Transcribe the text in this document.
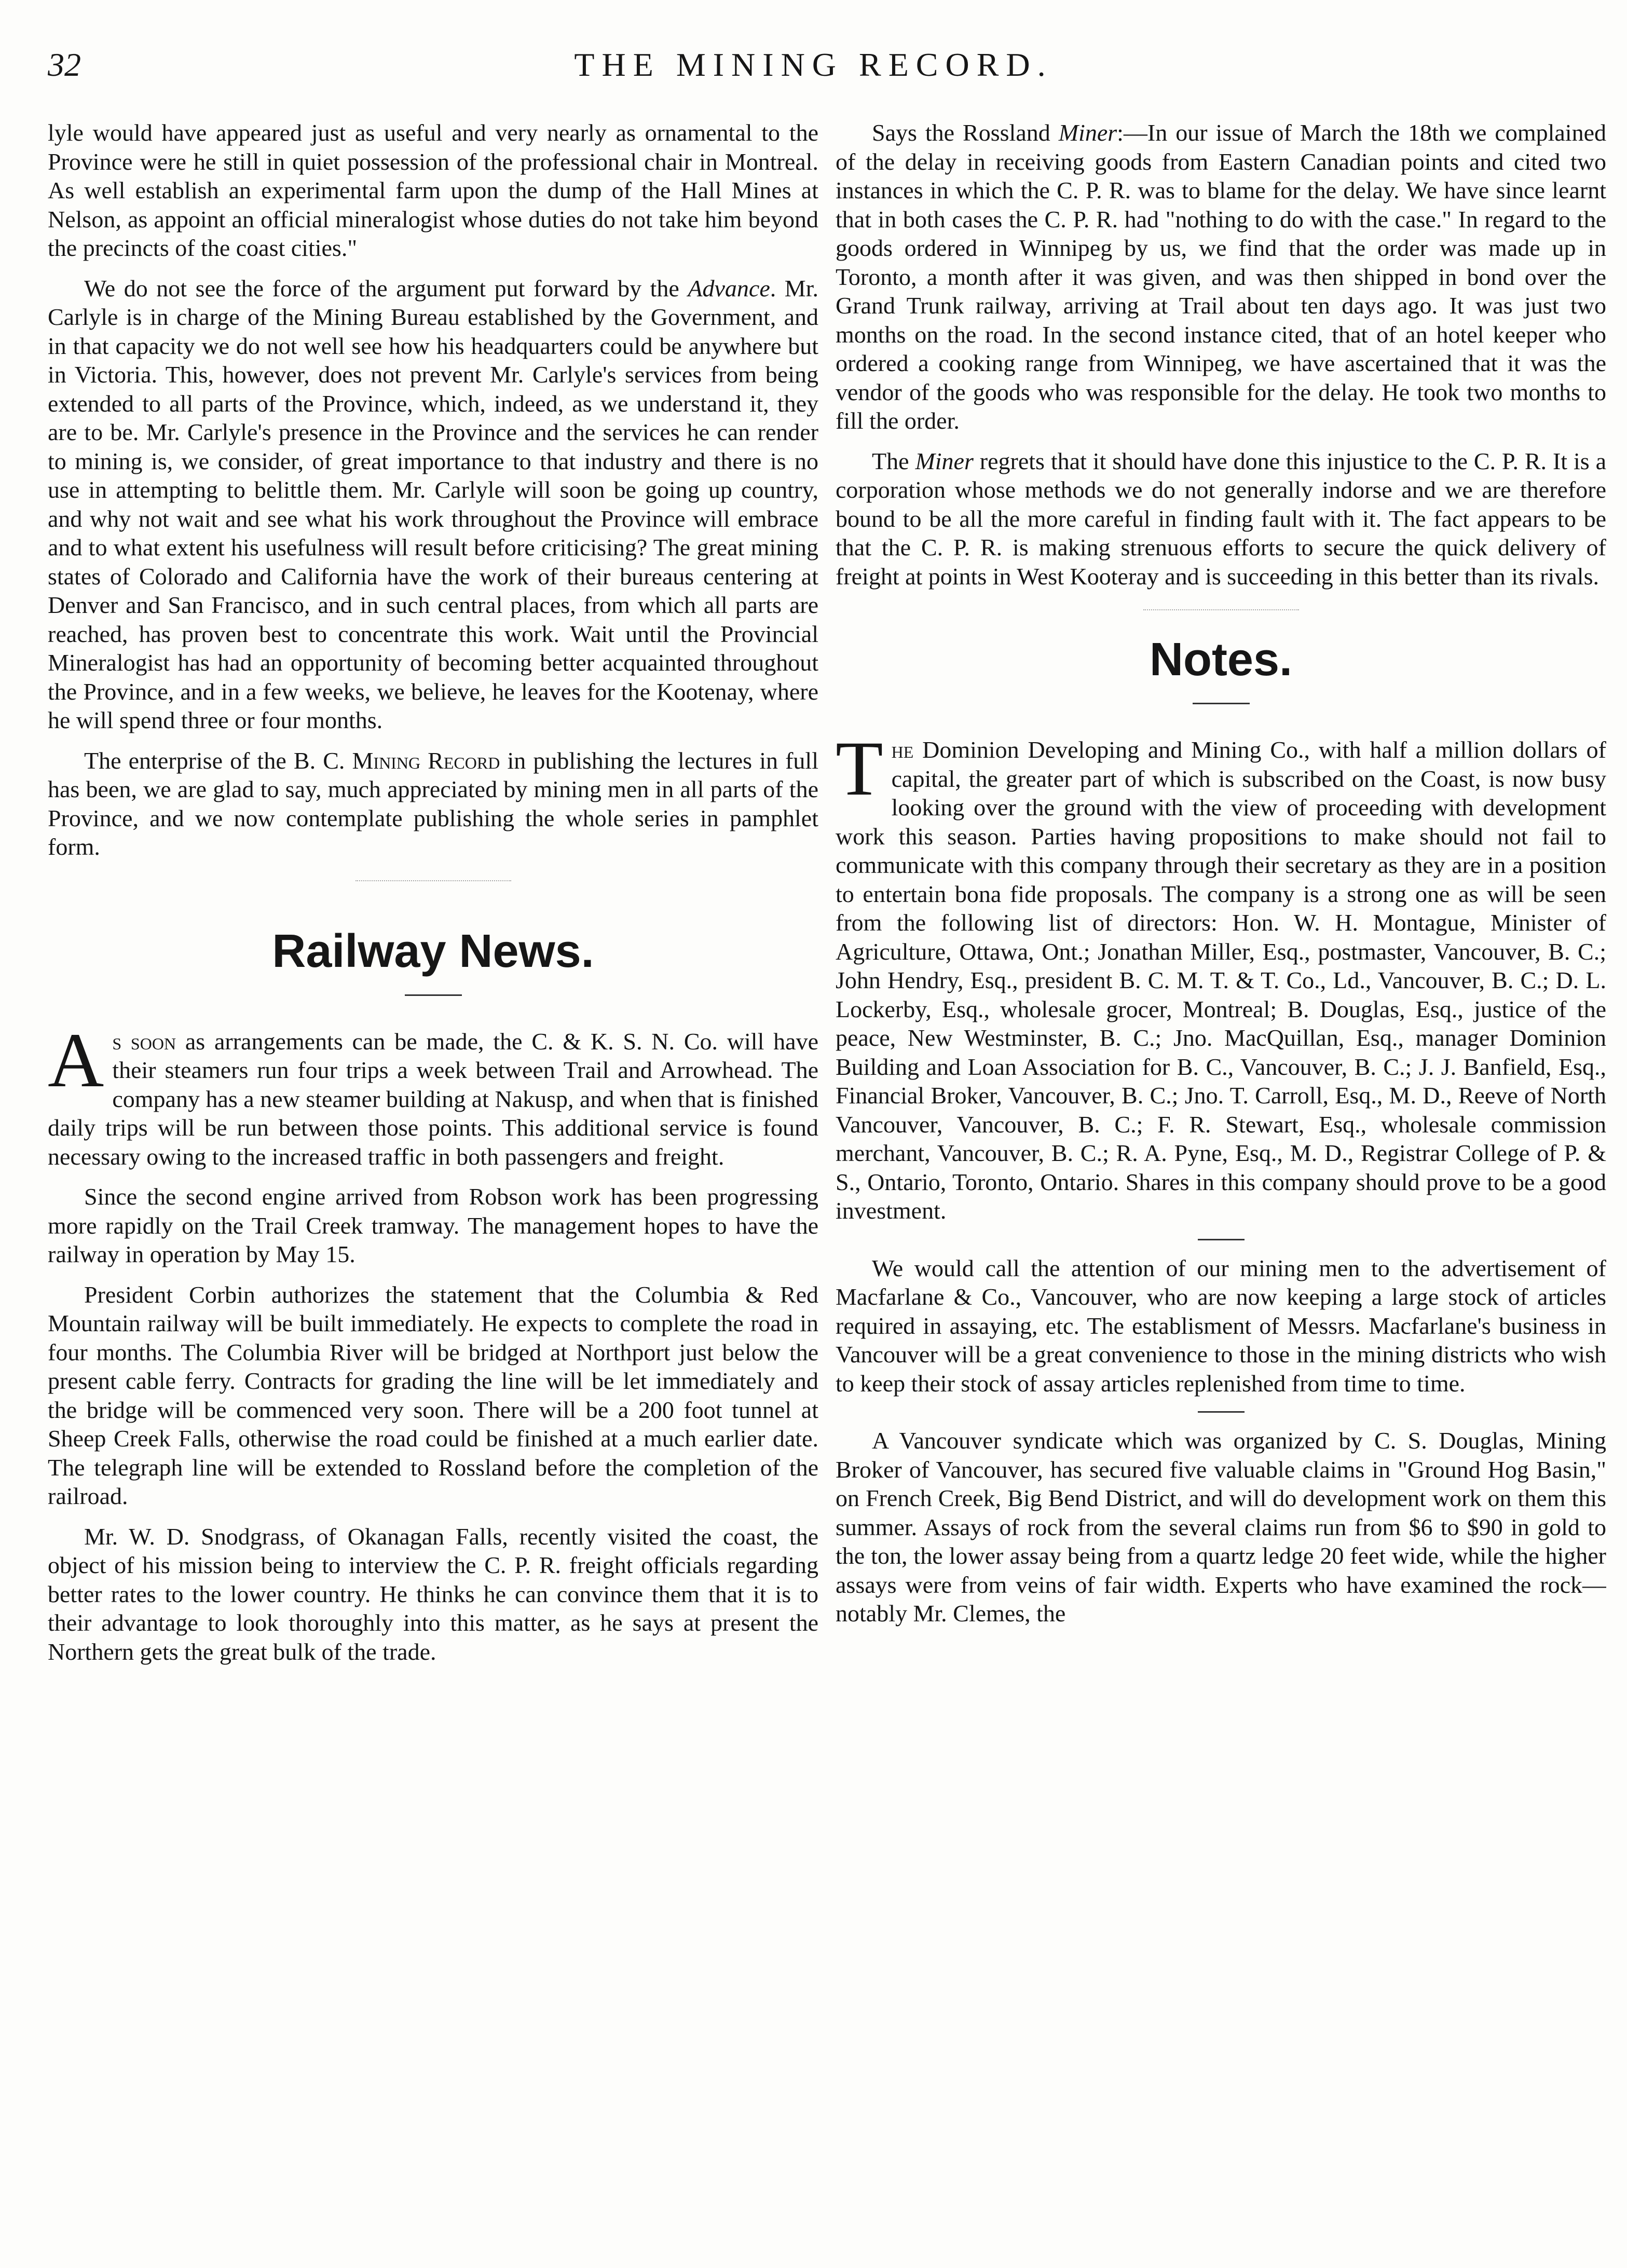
32	THE MINING RECORD.

lyle would have appeared just as useful and very nearly as ornamental to the Province were he still in quiet possession of the professional chair in Montreal. As well establish an experimental farm upon the dump of the Hall Mines at Nelson, as appoint an official mineralogist whose duties do not take him beyond the precincts of the coast cities."

We do not see the force of the argument put forward by the Advance. Mr. Carlyle is in charge of the Mining Bureau established by the Government, and in that capacity we do not well see how his headquarters could be anywhere but in Victoria. This, however, does not prevent Mr. Carlyle's services from being extended to all parts of the Province, which, indeed, as we understand it, they are to be. Mr. Carlyle's presence in the Province and the services he can render to mining is, we consider, of great importance to that industry and there is no use in attempting to belittle them. Mr. Carlyle will soon be going up country, and why not wait and see what his work throughout the Province will embrace and to what extent his usefulness will result before criticising? The great mining states of Colorado and California have the work of their bureaus centering at Denver and San Francisco, and in such central places, from which all parts are reached, has proven best to concentrate this work. Wait until the Provincial Mineralogist has had an opportunity of becoming better acquainted throughout the Province, and in a few weeks, we believe, he leaves for the Kootenay, where he will spend three or four months.

The enterprise of the B. C. Mining Record in publishing the lectures in full has been, we are glad to say, much appreciated by mining men in all parts of the Province, and we now contemplate publishing the whole series in pamphlet form.

Railway News.

As soon as arrangements can be made, the C. & K. S. N. Co. will have their steamers run four trips a week between Trail and Arrowhead. The company has a new steamer building at Nakusp, and when that is finished daily trips will be run between those points. This additional service is found necessary owing to the increased traffic in both passengers and freight.

Since the second engine arrived from Robson work has been progressing more rapidly on the Trail Creek tramway. The management hopes to have the railway in operation by May 15.

President Corbin authorizes the statement that the Columbia & Red Mountain railway will be built immediately. He expects to complete the road in four months. The Columbia River will be bridged at Northport just below the present cable ferry. Contracts for grading the line will be let immediately and the bridge will be commenced very soon. There will be a 200 foot tunnel at Sheep Creek Falls, otherwise the road could be finished at a much earlier date. The telegraph line will be extended to Rossland before the completion of the railroad.

Mr. W. D. Snodgrass, of Okanagan Falls, recently visited the coast, the object of his mission being to interview the C. P. R. freight officials regarding better rates to the lower country. He thinks he can convince them that it is to their advantage to look thoroughly into this matter, as he says at present the Northern gets the great bulk of the trade.

Says the Rossland Miner:—In our issue of March the 18th we complained of the delay in receiving goods from Eastern Canadian points and cited two instances in which the C. P. R. was to blame for the delay. We have since learnt that in both cases the C. P. R. had "nothing to do with the case." In regard to the goods ordered in Winnipeg by us, we find that the order was made up in Toronto, a month after it was given, and was then shipped in bond over the Grand Trunk railway, arriving at Trail about ten days ago. It was just two months on the road. In the second instance cited, that of an hotel keeper who ordered a cooking range from Winnipeg, we have ascertained that it was the vendor of the goods who was responsible for the delay. He took two months to fill the order.

The Miner regrets that it should have done this injustice to the C. P. R. It is a corporation whose methods we do not generally indorse and we are therefore bound to be all the more careful in finding fault with it. The fact appears to be that the C. P. R. is making strenuous efforts to secure the quick delivery of freight at points in West Kooteray and is succeeding in this better than its rivals.

Notes.

The Dominion Developing and Mining Co., with half a million dollars of capital, the greater part of which is subscribed on the Coast, is now busy looking over the ground with the view of proceeding with development work this season. Parties having propositions to make should not fail to communicate with this company through their secretary as they are in a position to entertain bona fide proposals. The company is a strong one as will be seen from the following list of directors: Hon. W. H. Montague, Minister of Agriculture, Ottawa, Ont.; Jonathan Miller, Esq., postmaster, Vancouver, B. C.; John Hendry, Esq., president B. C. M. T. & T. Co., Ld., Vancouver, B. C.; D. L. Lockerby, Esq., wholesale grocer, Montreal; B. Douglas, Esq., justice of the peace, New Westminster, B. C.; Jno. MacQuillan, Esq., manager Dominion Building and Loan Association for B. C., Vancouver, B. C.; J. J. Banfield, Esq., Financial Broker, Vancouver, B. C.; Jno. T. Carroll, Esq., M. D., Reeve of North Vancouver, Vancouver, B. C.; F. R. Stewart, Esq., wholesale commission merchant, Vancouver, B. C.; R. A. Pyne, Esq., M. D., Registrar College of P. & S., Ontario, Toronto, Ontario. Shares in this company should prove to be a good investment.

We would call the attention of our mining men to the advertisement of Macfarlane & Co., Vancouver, who are now keeping a large stock of articles required in assaying, etc. The establisment of Messrs. Macfarlane's business in Vancouver will be a great convenience to those in the mining districts who wish to keep their stock of assay articles replenished from time to time.

A Vancouver syndicate which was organized by C. S. Douglas, Mining Broker of Vancouver, has secured five valuable claims in "Ground Hog Basin," on French Creek, Big Bend District, and will do development work on them this summer. Assays of rock from the several claims run from $6 to $90 in gold to the ton, the lower assay being from a quartz ledge 20 feet wide, while the higher assays were from veins of fair width. Experts who have examined the rock—notably Mr. Clemes, the
